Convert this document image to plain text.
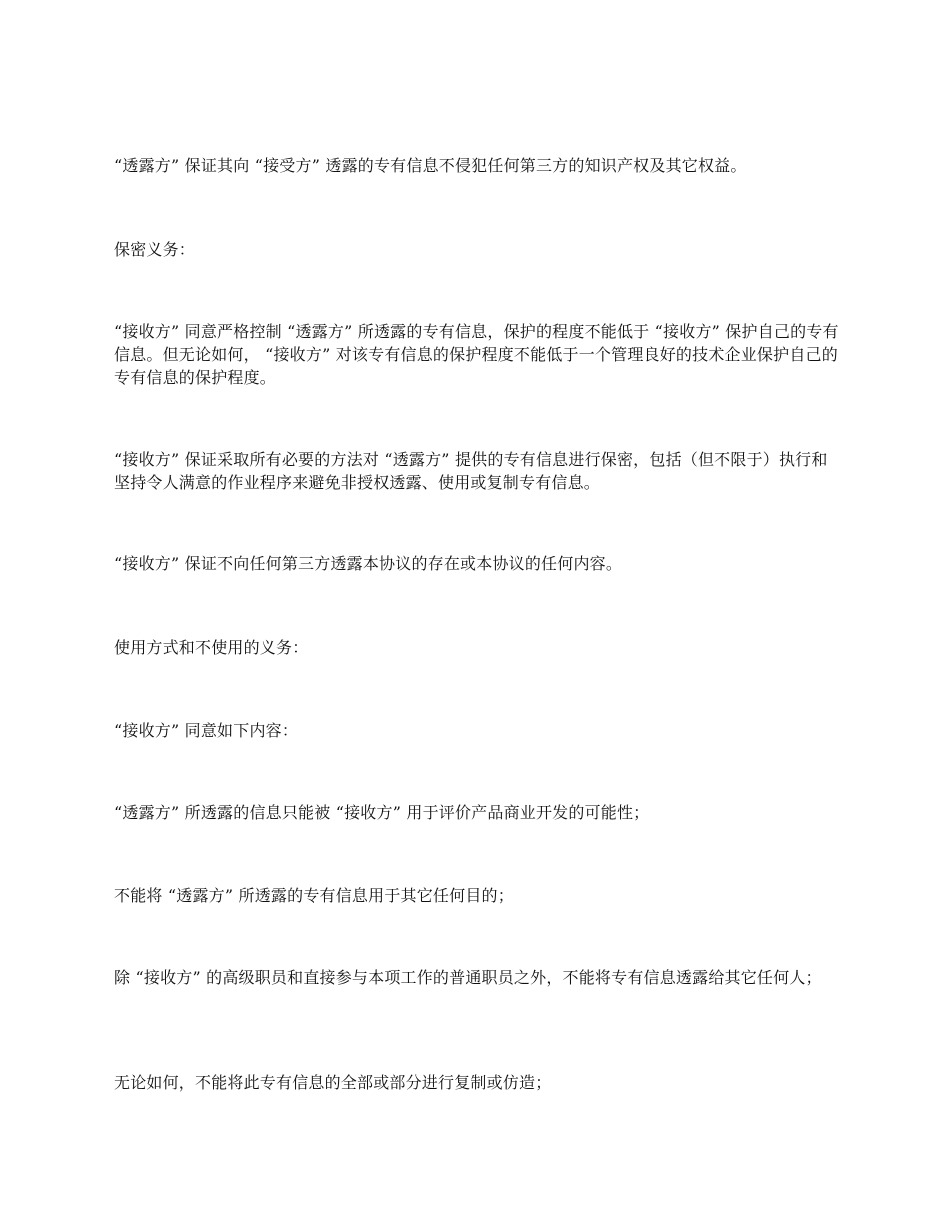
“透露方” 保证其向 “接受方” 透露的专有信息不侵犯任何第三方的知识产权及其它权益。

保密义务：

“接收方” 同意严格控制 “透露方” 所透露的专有信息，保护的程度不能低于 “接收方” 保护自己的专有信息。但无论如何， “接收方” 对该专有信息的保护程度不能低于一个管理良好的技术企业保护自己的专有信息的保护程度。

“接收方” 保证采取所有必要的方法对 “透露方” 提供的专有信息进行保密，包括（但不限于）执行和坚持令人满意的作业程序来避免非授权透露、使用或复制专有信息。

“接收方” 保证不向任何第三方透露本协议的存在或本协议的任何内容。

使用方式和不使用的义务：

“接收方” 同意如下内容：

“透露方” 所透露的信息只能被 “接收方” 用于评价产品商业开发的可能性；

不能将 “透露方” 所透露的专有信息用于其它任何目的；

除 “接收方” 的高级职员和直接参与本项工作的普通职员之外，不能将专有信息透露给其它任何人；

无论如何，不能将此专有信息的全部或部分进行复制或仿造；
